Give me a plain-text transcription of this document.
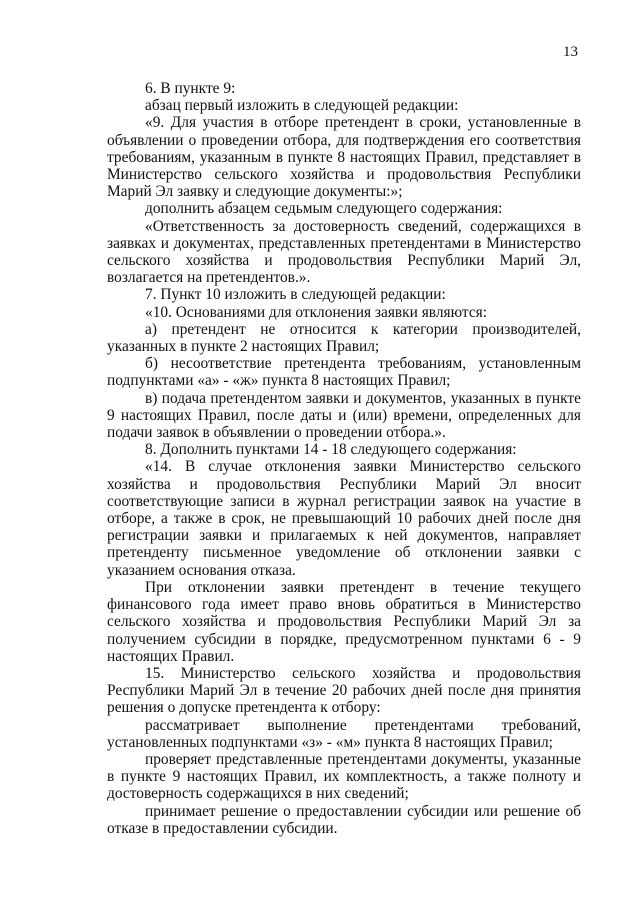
13

6. В пункте 9:

абзац первый изложить в следующей редакции:

«9. Для участия в отборе претендент в сроки, установленные в объявлении о проведении отбора, для подтверждения его соответствия требованиям, указанным в пункте 8 настоящих Правил, представляет в Министерство сельского хозяйства и продовольствия Республики Марий Эл заявку и следующие документы:»;

дополнить абзацем седьмым следующего содержания:

«Ответственность за достоверность сведений, содержащихся в заявках и документах, представленных претендентами в Министерство сельского хозяйства и продовольствия Республики Марий Эл, возлагается на претендентов.».

7. Пункт 10 изложить в следующей редакции:

«10. Основаниями для отклонения заявки являются:

а) претендент не относится к категории производителей, указанных в пункте 2 настоящих Правил;

б) несоответствие претендента требованиям, установленным подпунктами «а» - «ж» пункта 8 настоящих Правил;

в) подача претендентом заявки и документов, указанных в пункте 9 настоящих Правил, после даты и (или) времени, определенных для подачи заявок в объявлении о проведении отбора.».

8. Дополнить пунктами 14 - 18 следующего содержания:

«14. В случае отклонения заявки Министерство сельского хозяйства и продовольствия Республики Марий Эл вносит соответствующие записи в журнал регистрации заявок на участие в отборе, а также в срок, не превышающий 10 рабочих дней после дня регистрации заявки и прилагаемых к ней документов, направляет претенденту письменное уведомление об отклонении заявки с указанием основания отказа.

При отклонении заявки претендент в течение текущего финансового года имеет право вновь обратиться в Министерство сельского хозяйства и продовольствия Республики Марий Эл за получением субсидии в порядке, предусмотренном пунктами 6 - 9 настоящих Правил.

15. Министерство сельского хозяйства и продовольствия Республики Марий Эл в течение 20 рабочих дней после дня принятия решения о допуске претендента к отбору:

рассматривает выполнение претендентами требований, установленных подпунктами «з» - «м» пункта 8 настоящих Правил;

проверяет представленные претендентами документы, указанные в пункте 9 настоящих Правил, их комплектность, а также полноту и достоверность содержащихся в них сведений;

принимает решение о предоставлении субсидии или решение об отказе в предоставлении субсидии.
